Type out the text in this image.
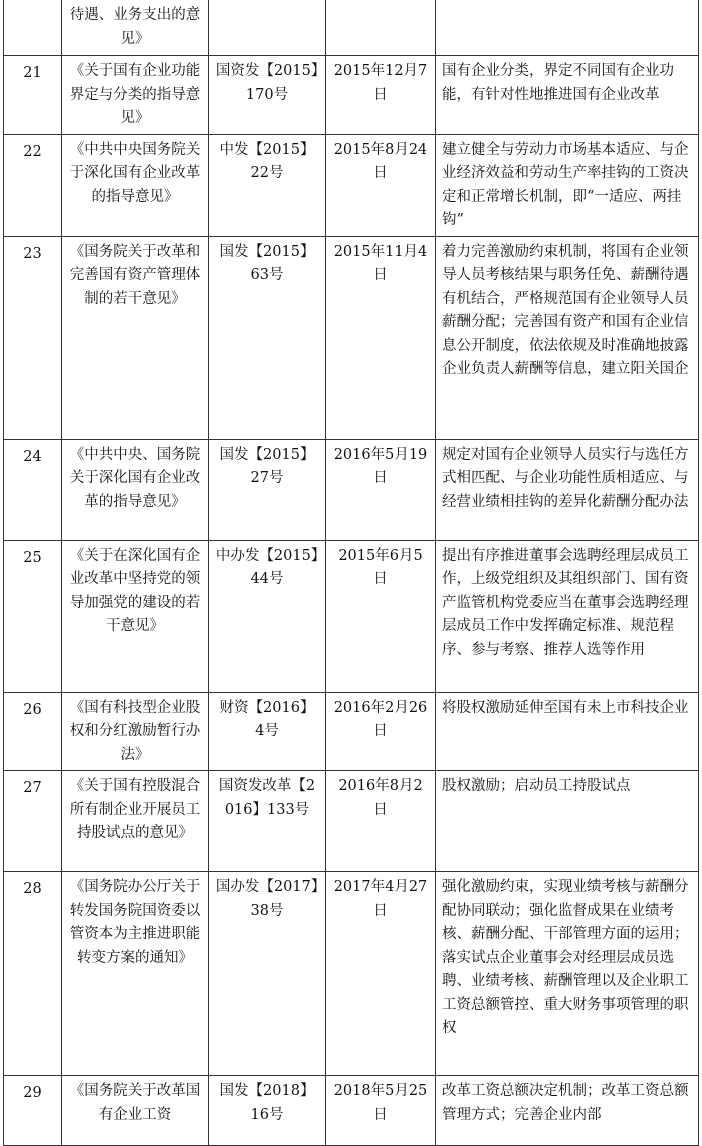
	待遇、业务支出的意见》			
21	《关于国有企业功能界定与分类的指导意见》	国资发【2015】170号	2015年12月7日	国有企业分类，界定不同国有企业功能，有针对性地推进国有企业改革
22	《中共中央国务院关于深化国有企业改革的指导意见》	中发【2015】22号	2015年8月24日	建立健全与劳动力市场基本适应、与企业经济效益和劳动生产率挂钩的工资决定和正常增长机制，即“一适应、两挂钩”
23	《国务院关于改革和完善国有资产管理体制的若干意见》	国发【2015】63号	2015年11月4日	着力完善激励约束机制，将国有企业领导人员考核结果与职务任免、薪酬待遇有机结合，严格规范国有企业领导人员薪酬分配；完善国有资产和国有企业信息公开制度，依法依规及时准确地披露企业负责人薪酬等信息，建立阳关国企
24	《中共中央、国务院关于深化国有企业改革的指导意见》	国发【2015】27号	2016年5月19日	规定对国有企业领导人员实行与选任方式相匹配、与企业功能性质相适应、与经营业绩相挂钩的差异化薪酬分配办法
25	《关于在深化国有企业改革中坚持党的领导加强党的建设的若干意见》	中办发【2015】44号	2015年6月5日	提出有序推进董事会选聘经理层成员工作，上级党组织及其组织部门、国有资产监管机构党委应当在董事会选聘经理层成员工作中发挥确定标准、规范程序、参与考察、推荐人选等作用
26	《国有科技型企业股权和分红激励暂行办法》	财资【2016】4号	2016年2月26日	将股权激励延伸至国有未上市科技企业
27	《关于国有控股混合所有制企业开展员工持股试点的意见》	国资发改革【2016】133号	2016年8月2日	股权激励；启动员工持股试点
28	《国务院办公厅关于转发国务院国资委以管资本为主推进职能转变方案的通知》	国办发【2017】38号	2017年4月27日	强化激励约束，实现业绩考核与薪酬分配协同联动；强化监督成果在业绩考核、薪酬分配、干部管理方面的运用；落实试点企业董事会对经理层成员选聘、业绩考核、薪酬管理以及企业职工工资总额管控、重大财务事项管理的职权
29	《国务院关于改革国有企业工资	国发【2018】16号	2018年5月25日	改革工资总额决定机制；改革工资总额管理方式；完善企业内部
